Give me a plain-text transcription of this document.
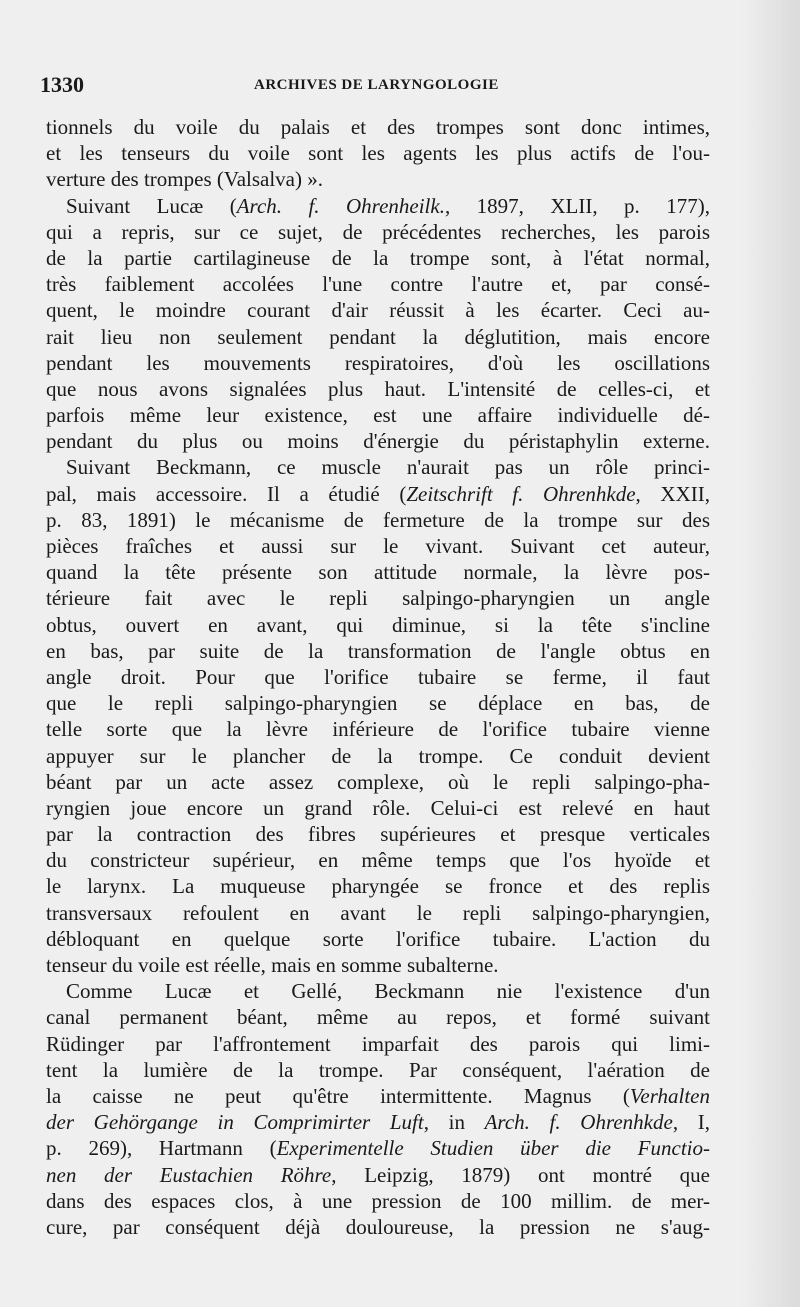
1330	ARCHIVES DE LARYNGOLOGIE
tionnels du voile du palais et des trompes sont donc intimes,
et les tenseurs du voile sont les agents les plus actifs de l'ou-
verture des trompes (Valsalva) ».
Suivant Lucæ (Arch. f. Ohrenheilk., 1897, XLII, p. 177),
qui a repris, sur ce sujet, de précédentes recherches, les parois
de la partie cartilagineuse de la trompe sont, à l'état normal,
très faiblement accolées l'une contre l'autre et, par consé-
quent, le moindre courant d'air réussit à les écarter. Ceci au-
rait lieu non seulement pendant la déglutition, mais encore
pendant les mouvements respiratoires, d'où les oscillations
que nous avons signalées plus haut. L'intensité de celles-ci, et
parfois même leur existence, est une affaire individuelle dé-
pendant du plus ou moins d'énergie du péristaphylin externe.
Suivant Beckmann, ce muscle n'aurait pas un rôle princi-
pal, mais accessoire. Il a étudié (Zeitschrift f. Ohrenhkde, XXII,
p. 83, 1891) le mécanisme de fermeture de la trompe sur des
pièces fraîches et aussi sur le vivant. Suivant cet auteur,
quand la tête présente son attitude normale, la lèvre pos-
térieure fait avec le repli salpingo-pharyngien un angle
obtus, ouvert en avant, qui diminue, si la tête s'incline
en bas, par suite de la transformation de l'angle obtus en
angle droit. Pour que l'orifice tubaire se ferme, il faut
que le repli salpingo-pharyngien se déplace en bas, de
telle sorte que la lèvre inférieure de l'orifice tubaire vienne
appuyer sur le plancher de la trompe. Ce conduit devient
béant par un acte assez complexe, où le repli salpingo-pha-
ryngien joue encore un grand rôle. Celui-ci est relevé en haut
par la contraction des fibres supérieures et presque verticales
du constricteur supérieur, en même temps que l'os hyoïde et
le larynx. La muqueuse pharyngée se fronce et des replis
transversaux refoulent en avant le repli salpingo-pharyngien,
débloquant en quelque sorte l'orifice tubaire. L'action du
tenseur du voile est réelle, mais en somme subalterne.
Comme Lucæ et Gellé, Beckmann nie l'existence d'un
canal permanent béant, même au repos, et formé suivant
Rüdinger par l'affrontement imparfait des parois qui limi-
tent la lumière de la trompe. Par conséquent, l'aération de
la caisse ne peut qu'être intermittente. Magnus (Verhalten
der Gehörgange in Comprimirter Luft, in Arch. f. Ohrenhkde, I,
p. 269), Hartmann (Experimentelle Studien über die Functio-
nen der Eustachien Röhre, Leipzig, 1879) ont montré que
dans des espaces clos, à une pression de 100 millim. de mer-
cure, par conséquent déjà douloureuse, la pression ne s'aug-
